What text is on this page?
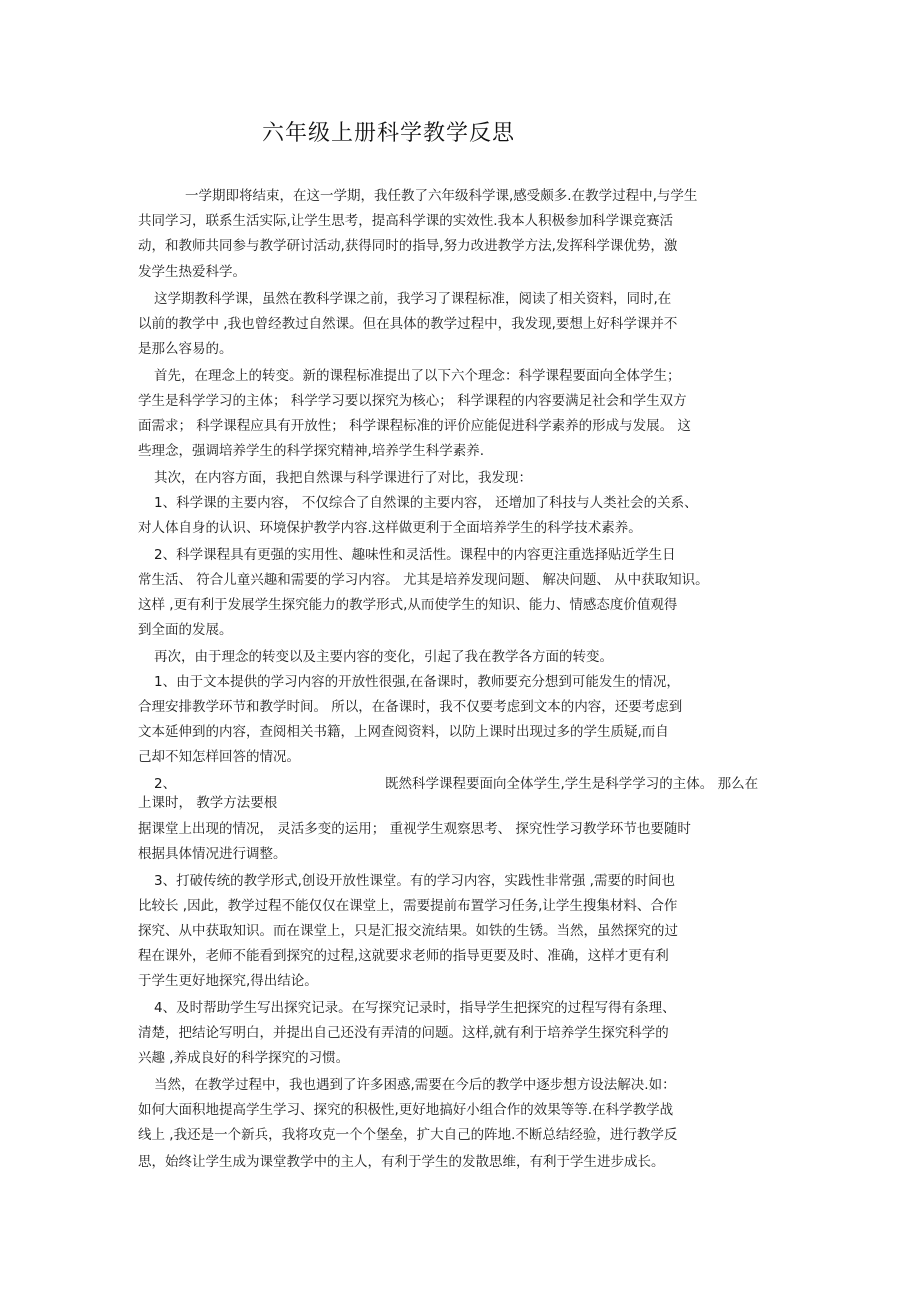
六年级上册科学教学反思
一学期即将结束，在这一学期，我任教了六年级科学课,感受颇多.在教学过程中,与学生
共同学习，联系生活实际,让学生思考，提高科学课的实效性.我本人积极参加科学课竞赛活
动，和教师共同参与教学研讨活动,获得同时的指导,努力改进教学方法,发挥科学课优势，激
发学生热爱科学。
这学期教科学课，虽然在教科学课之前，我学习了课程标准，阅读了相关资料，同时,在
以前的教学中 ,我也曾经教过自然课。但在具体的教学过程中，我发现,要想上好科学课并不
是那么容易的。
首先，在理念上的转变。新的课程标准提出了以下六个理念：科学课程要面向全体学生；
学生是科学学习的主体； 科学学习要以探究为核心； 科学课程的内容要满足社会和学生双方
面需求； 科学课程应具有开放性； 科学课程标准的评价应能促进科学素养的形成与发展。 这
些理念，强调培养学生的科学探究精神,培养学生科学素养.
其次，在内容方面，我把自然课与科学课进行了对比，我发现：
1、科学课的主要内容， 不仅综合了自然课的主要内容， 还增加了科技与人类社会的关系、
对人体自身的认识、环境保护教学内容.这样做更利于全面培养学生的科学技术素养。
2、科学课程具有更强的实用性、趣味性和灵活性。课程中的内容更注重选择贴近学生日
常生活、 符合儿童兴趣和需要的学习内容。 尤其是培养发现问题、 解决问题、 从中获取知识。
这样 ,更有利于发展学生探究能力的教学形式,从而使学生的知识、能力、情感态度价值观得
到全面的发展。
再次，由于理念的转变以及主要内容的变化，引起了我在教学各方面的转变。
1、由于文本提供的学习内容的开放性很强,在备课时，教师要充分想到可能发生的情况，
合理安排教学环节和教学时间。 所以，在备课时，我不仅要考虑到文本的内容，还要考虑到
文本延伸到的内容，查阅相关书籍，上网查阅资料，以防上课时出现过多的学生质疑,而自
己却不知怎样回答的情况。
2、	既然科学课程要面向全体学生,学生是科学学习的主体。 那么在
上课时， 教学方法要根
据课堂上出现的情况， 灵活多变的运用； 重视学生观察思考、 探究性学习教学环节也要随时
根据具体情况进行调整。
3、打破传统的教学形式,创设开放性课堂。有的学习内容，实践性非常强 ,需要的时间也
比较长 ,因此，教学过程不能仅仅在课堂上，需要提前布置学习任务,让学生搜集材料、合作
探究、从中获取知识。而在课堂上，只是汇报交流结果。如铁的生锈。当然，虽然探究的过
程在课外，老师不能看到探究的过程,这就要求老师的指导更要及时、准确，这样才更有利
于学生更好地探究,得出结论。
4、及时帮助学生写出探究记录。在写探究记录时，指导学生把探究的过程写得有条理、
清楚，把结论写明白，并提出自己还没有弄清的问题。这样,就有利于培养学生探究科学的
兴趣 ,养成良好的科学探究的习惯。
当然，在教学过程中，我也遇到了许多困惑,需要在今后的教学中逐步想方设法解决.如：
如何大面积地提高学生学习、探究的积极性,更好地搞好小组合作的效果等等.在科学教学战
线上 ,我还是一个新兵，我将攻克一个个堡垒，扩大自己的阵地.不断总结经验，进行教学反
思，始终让学生成为课堂教学中的主人，有利于学生的发散思维，有利于学生进步成长。
